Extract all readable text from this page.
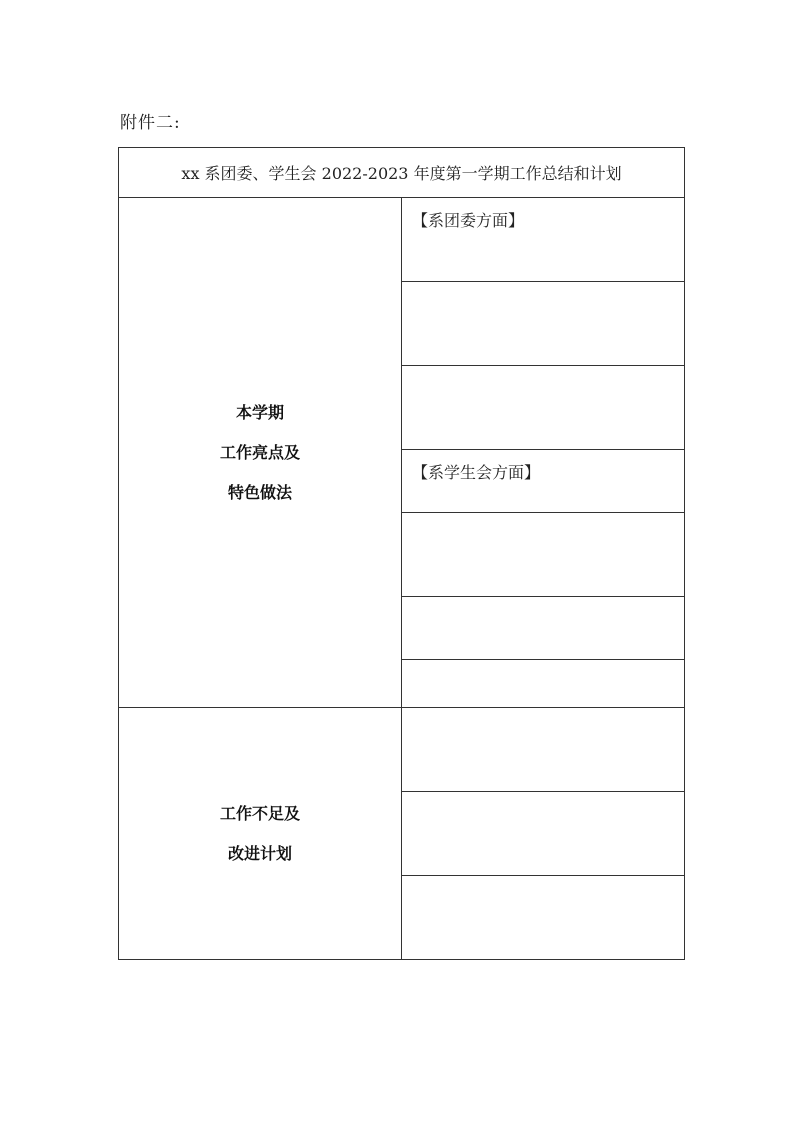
附件二:
xx 系团委、学生会 2022-2023 年度第一学期工作总结和计划	

本学期
工作亮点及
特色做法	【系团委方面】

	【系学生会方面】

工作不足及
改进计划	
